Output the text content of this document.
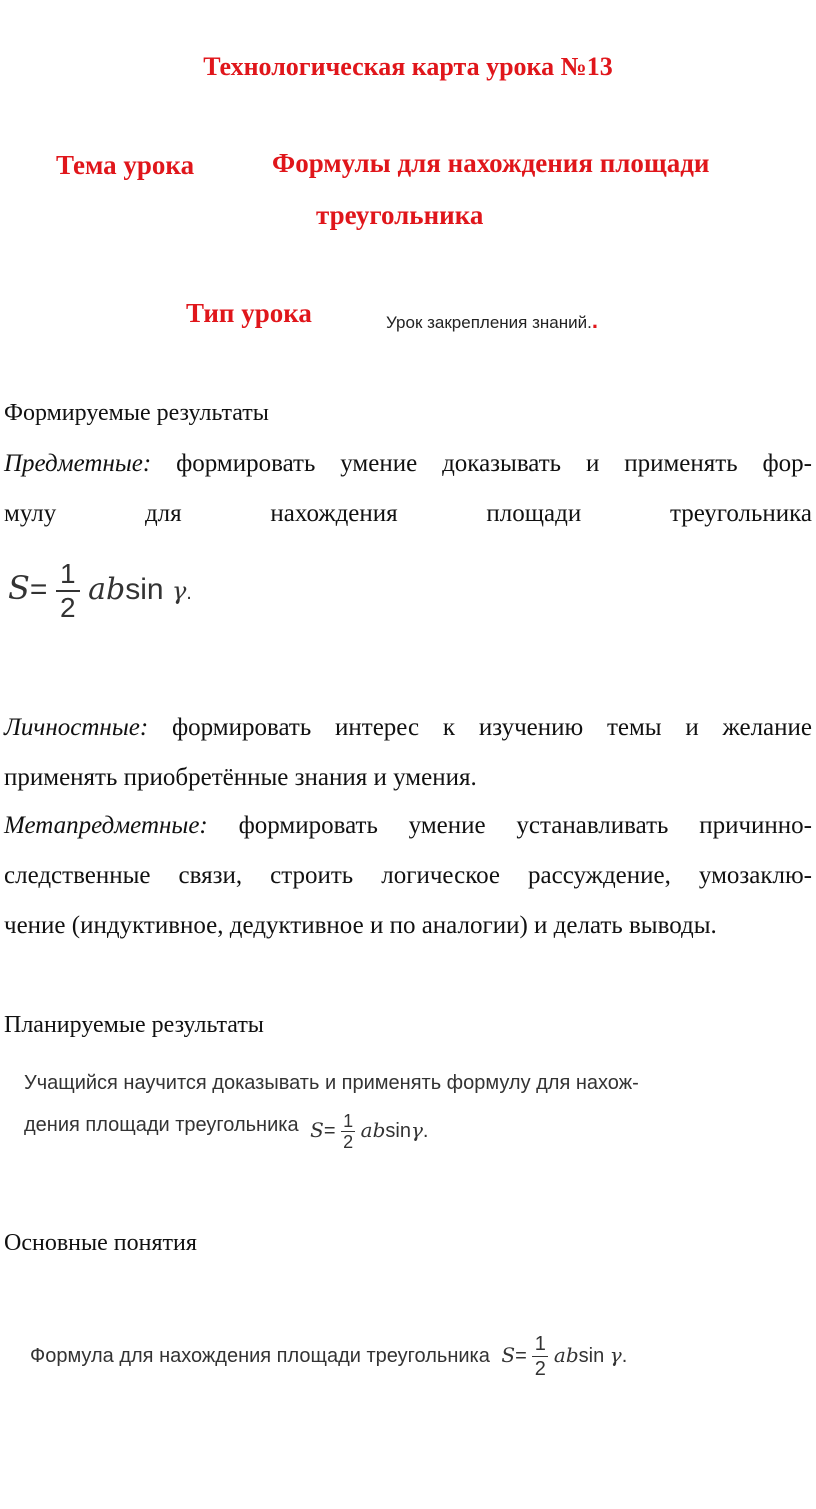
Технологическая карта урока №13
Тема урока	Формулы для нахождения площади
треугольника
Тип урока	Урок закрепления знаний..
Формируемые результаты
Предметные: формировать умение доказывать и применять фор-
мулу для нахождения площади треугольника
$S= \frac{1}{2}$ absin γ.
Личностные: формировать интерес к изучению темы и желание
применять приобретённые знания и умения.
Метапредметные: формировать умение устанавливать причинно-
следственные связи, строить логическое рассуждение, умозаклю-
чение (индуктивное, дедуктивное и по аналогии) и делать выводы.
Планируемые результаты
Учащийся научится доказывать и применять формулу для нахож-
дения площади треугольника $S= \frac{1}{2} absin\gamma$.
Основные понятия
Формула для нахождения площади треугольника $S= \frac{1}{2}$ absin γ.
